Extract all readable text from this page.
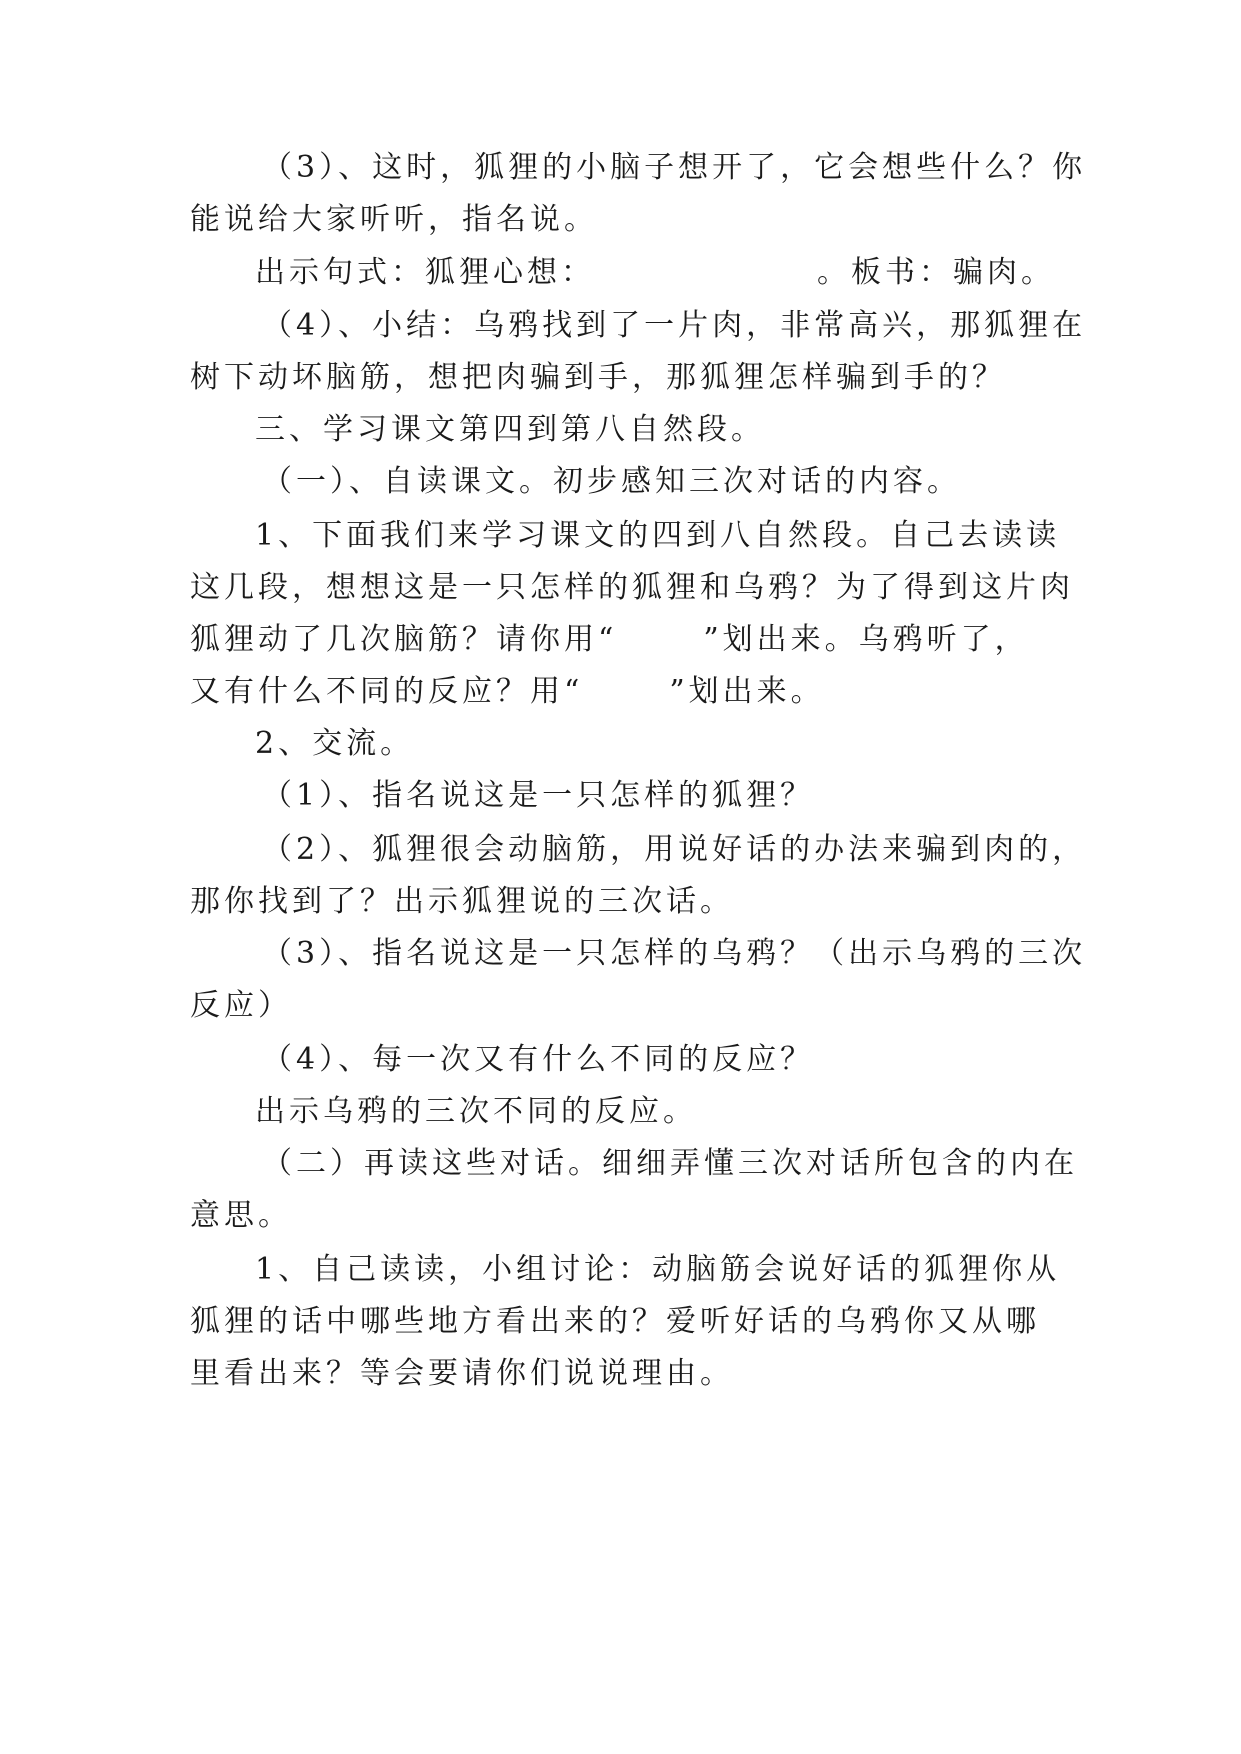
（3）、这时，狐狸的小脑子想开了，它会想些什么？你
能说给大家听听，指名说。
出示句式：狐狸心想：	。板书：骗肉。
（4）、小结：乌鸦找到了一片肉，非常高兴，那狐狸在
树下动坏脑筋，想把肉骗到手，那狐狸怎样骗到手的？
三、学习课文第四到第八自然段。
（一）、自读课文。初步感知三次对话的内容。
1、下面我们来学习课文的四到八自然段。自己去读读
这几段，想想这是一只怎样的狐狸和乌鸦？为了得到这片肉
狐狸动了几次脑筋？请你用“	”划出来。乌鸦听了，
又有什么不同的反应？用“	”划出来。
2、交流。
（1）、指名说这是一只怎样的狐狸？
（2）、狐狸很会动脑筋，用说好话的办法来骗到肉的，
那你找到了？出示狐狸说的三次话。
（3）、指名说这是一只怎样的乌鸦？（出示乌鸦的三次
反应）
（4）、每一次又有什么不同的反应？
出示乌鸦的三次不同的反应。
（二）再读这些对话。细细弄懂三次对话所包含的内在
意思。
1、自己读读，小组讨论：动脑筋会说好话的狐狸你从
狐狸的话中哪些地方看出来的？爱听好话的乌鸦你又从哪
里看出来？等会要请你们说说理由。
